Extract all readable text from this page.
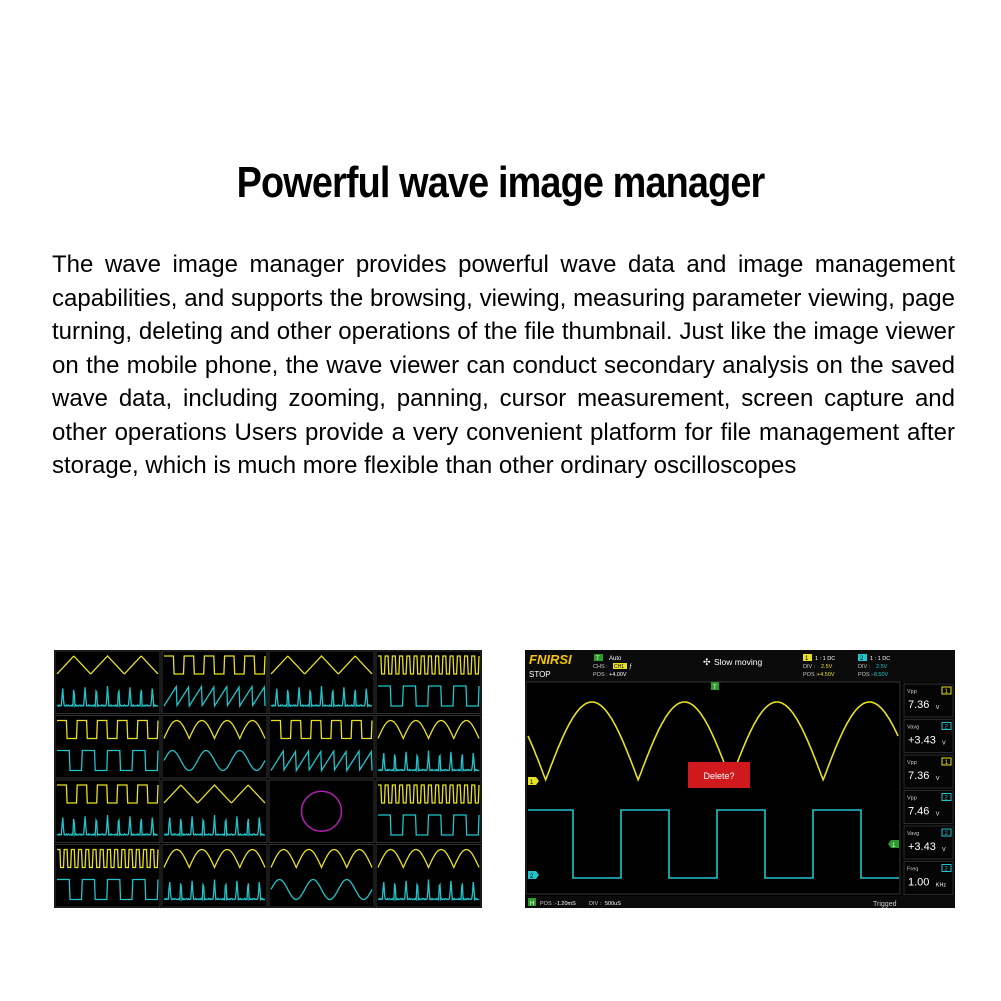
Powerful wave image manager
The wave image manager provides powerful wave data and image management capabilities, and supports the browsing, viewing, measuring parameter viewing, page turning, deleting and other operations of the file thumbnail. Just like the image viewer on the mobile phone, the wave viewer can conduct secondary analysis on the saved wave data, including zooming, panning, cursor measurement, screen capture and other operations Users provide a very convenient platform for file management after storage, which is much more flexible than other ordinary oscilloscopes
FNIRSI
STOP
T Auto
CHS : CH1 ƒ
POS : +4.00V
✣ Slow moving	1 1 : 1 DC
DIV : 2.5V
POS : +4.50V
2 1 : 1 DC
DIV : 2.5V
POS : -8.50V
T
1
2
1
Delete?
H POS : -1.20mS DIV : 500uS	Trigged
Vpp	1
7.36 V
Vavg	2
+3.43 V
Vpp	1
7.36 V
Vpp	2
7.46 V
Vavg	2
+3.43 V
Freq	2
1.00 KHz
